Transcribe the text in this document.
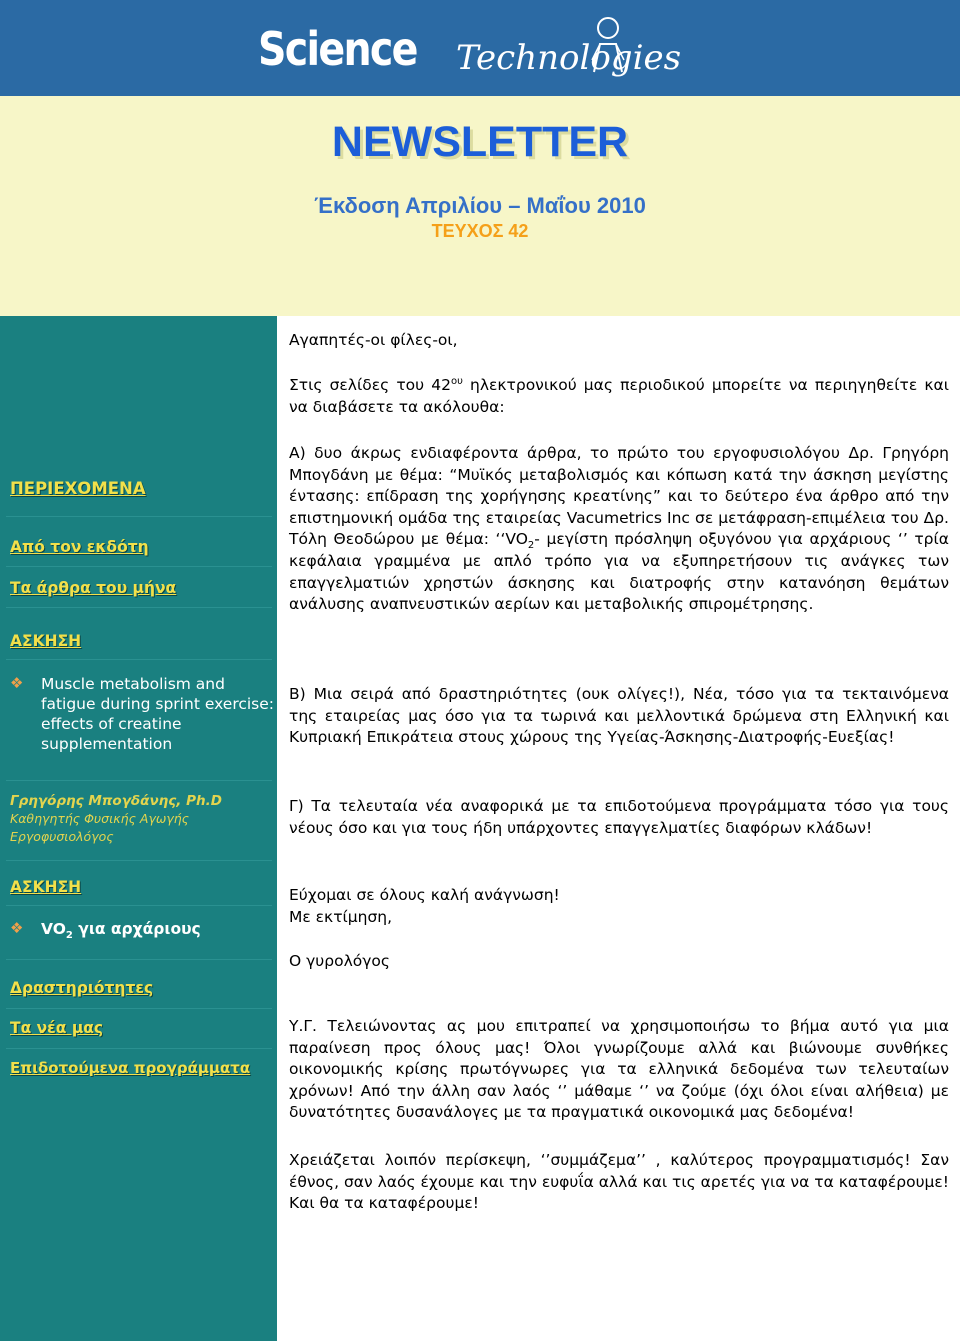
Science Technologies
NEWSLETTER
Έκδοση Απριλίου – Μαΐου 2010
ΤΕΥΧΟΣ 42
ΠΕΡΙΕΧΟΜΕΝΑ
Από τον εκδότη
Τα άρθρα του μήνα
ΑΣΚΗΣΗ
❖ Muscle metabolism and fatigue during sprint exercise: effects of creatine supplementation
Γρηγόρης Μπογδάνης, Ph.D
Καθηγητής Φυσικής Αγωγής
Εργοφυσιολόγος
ΑΣΚΗΣΗ
❖ $VO_2$ για αρχάριους
Δραστηριότητες
Τα νέα μας
Επιδοτούμενα προγράμματα
Αγαπητές-οι φίλες-οι,
Στις σελίδες του $42^{o\upsilon}$ ηλεκτρονικού μας περιοδικού μπορείτε να περιηγηθείτε και να διαβάσετε τα ακόλουθα:
Α) δυο άκρως ενδιαφέροντα άρθρα, το πρώτο του εργοφυσιολόγου Δρ. Γρηγόρη Μπογδάνη με θέμα: “Μυϊκός μεταβολισμός και κόπωση κατά την άσκηση μεγίστης έντασης: επίδραση της χορήγησης κρεατίνης” και το δεύτερο ένα άρθρο από την επιστημονική ομάδα της εταιρείας Vacumetrics Inc σε μετάφραση-επιμέλεια του Δρ. Τόλη Θεοδώρου με θέμα: ‘‘$VO_2-$ μεγίστη πρόσληψη οξυγόνου για αρχάριους ‘’ τρία κεφάλαια γραμμένα με απλό τρόπο για να εξυπηρετήσουν τις ανάγκες των επαγγελματιών χρηστών άσκησης και διατροφής στην κατανόηση θεμάτων ανάλυσης αναπνευστικών αερίων και μεταβολικής σπιρομέτρησης.
Β) Μια σειρά από δραστηριότητες (ουκ ολίγες!), Νέα, τόσο για τα τεκταινόμενα της εταιρείας μας όσο για τα τωρινά και μελλοντικά δρώμενα στη Ελληνική και Κυπριακή Επικράτεια στους χώρους της Υγείας-Άσκησης-Διατροφής-Ευεξίας!
Γ) Τα τελευταία νέα αναφορικά με τα επιδοτούμενα προγράμματα τόσο για τους νέους όσο και για τους ήδη υπάρχοντες επαγγελματίες διαφόρων κλάδων!
Εύχομαι σε όλους καλή ανάγνωση!
Με εκτίμηση,
Ο γυρολόγος
Υ.Γ. Τελειώνοντας ας μου επιτραπεί να χρησιμοποιήσω το βήμα αυτό για μια παραίνεση προς όλους μας! Όλοι γνωρίζουμε αλλά και βιώνουμε συνθήκες οικονομικής κρίσης πρωτόγνωρες για τα ελληνικά δεδομένα των τελευταίων χρόνων! Από την άλλη σαν λαός ‘’ μάθαμε ‘’ να ζούμε (όχι όλοι είναι αλήθεια) με δυνατότητες δυσανάλογες με τα πραγματικά οικονομικά μας δεδομένα!
Χρειάζεται λοιπόν περίσκεψη, ‘’συμμάζεμα’’ , καλύτερος προγραμματισμός! Σαν έθνος, σαν λαός έχουμε και την ευφυΐα αλλά και τις αρετές για να τα καταφέρουμε! Και θα τα καταφέρουμε!
